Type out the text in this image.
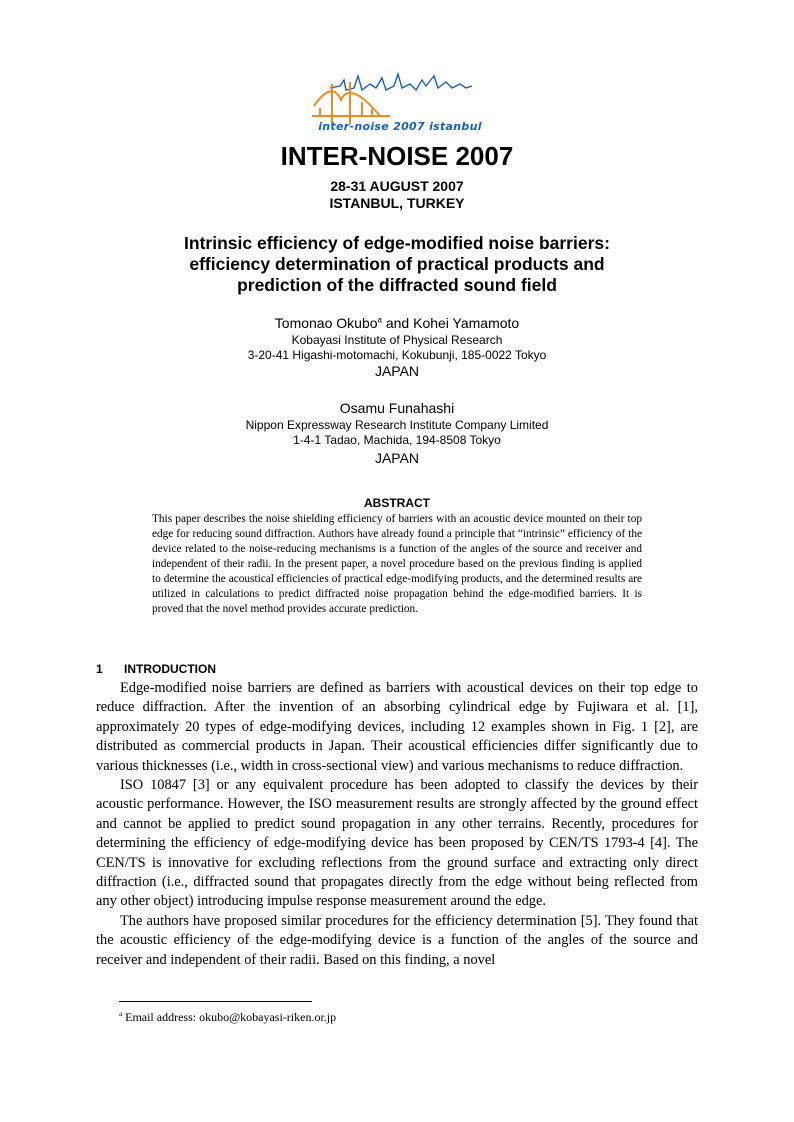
inter-noise 2007 istanbul
INTER-NOISE 2007
28-31 AUGUST 2007
ISTANBUL, TURKEY
Intrinsic efficiency of edge-modified noise barriers:
efficiency determination of practical products and
prediction of the diffracted sound field
Tomonao Okubo$^a$ and Kohei Yamamoto
Kobayasi Institute of Physical Research
3-20-41 Higashi-motomachi, Kokubunji, 185-0022 Tokyo
JAPAN
Osamu Funahashi
Nippon Expressway Research Institute Company Limited
1-4-1 Tadao, Machida, 194-8508 Tokyo
JAPAN
ABSTRACT
This paper describes the noise shielding efficiency of barriers with an acoustic device mounted on their top edge for reducing sound diffraction. Authors have already found a principle that “intrinsic” efficiency of the device related to the noise-reducing mechanisms is a function of the angles of the source and receiver and independent of their radii. In the present paper, a novel procedure based on the previous finding is applied to determine the acoustical efficiencies of practical edge-modifying products, and the determined results are utilized in calculations to predict diffracted noise propagation behind the edge-modified barriers. It is proved that the novel method provides accurate prediction.
1 INTRODUCTION

Edge-modified noise barriers are defined as barriers with acoustical devices on their top edge to reduce diffraction. After the invention of an absorbing cylindrical edge by Fujiwara et al. [1], approximately 20 types of edge-modifying devices, including 12 examples shown in Fig. 1 [2], are distributed as commercial products in Japan. Their acoustical efficiencies differ significantly due to various thicknesses (i.e., width in cross-sectional view) and various mechanisms to reduce diffraction.

ISO 10847 [3] or any equivalent procedure has been adopted to classify the devices by their acoustic performance. However, the ISO measurement results are strongly affected by the ground effect and cannot be applied to predict sound propagation in any other terrains. Recently, procedures for determining the efficiency of edge-modifying device has been proposed by CEN/TS 1793-4 [4]. The CEN/TS is innovative for excluding reflections from the ground surface and extracting only direct diffraction (i.e., diffracted sound that propagates directly from the edge without being reflected from any other object) introducing impulse response measurement around the edge.

The authors have proposed similar procedures for the efficiency determination [5]. They found that the acoustic efficiency of the edge-modifying device is a function of the angles of the source and receiver and independent of their radii. Based on this finding, a novel

$^a$ Email address: okubo@kobayasi-riken.or.jp
